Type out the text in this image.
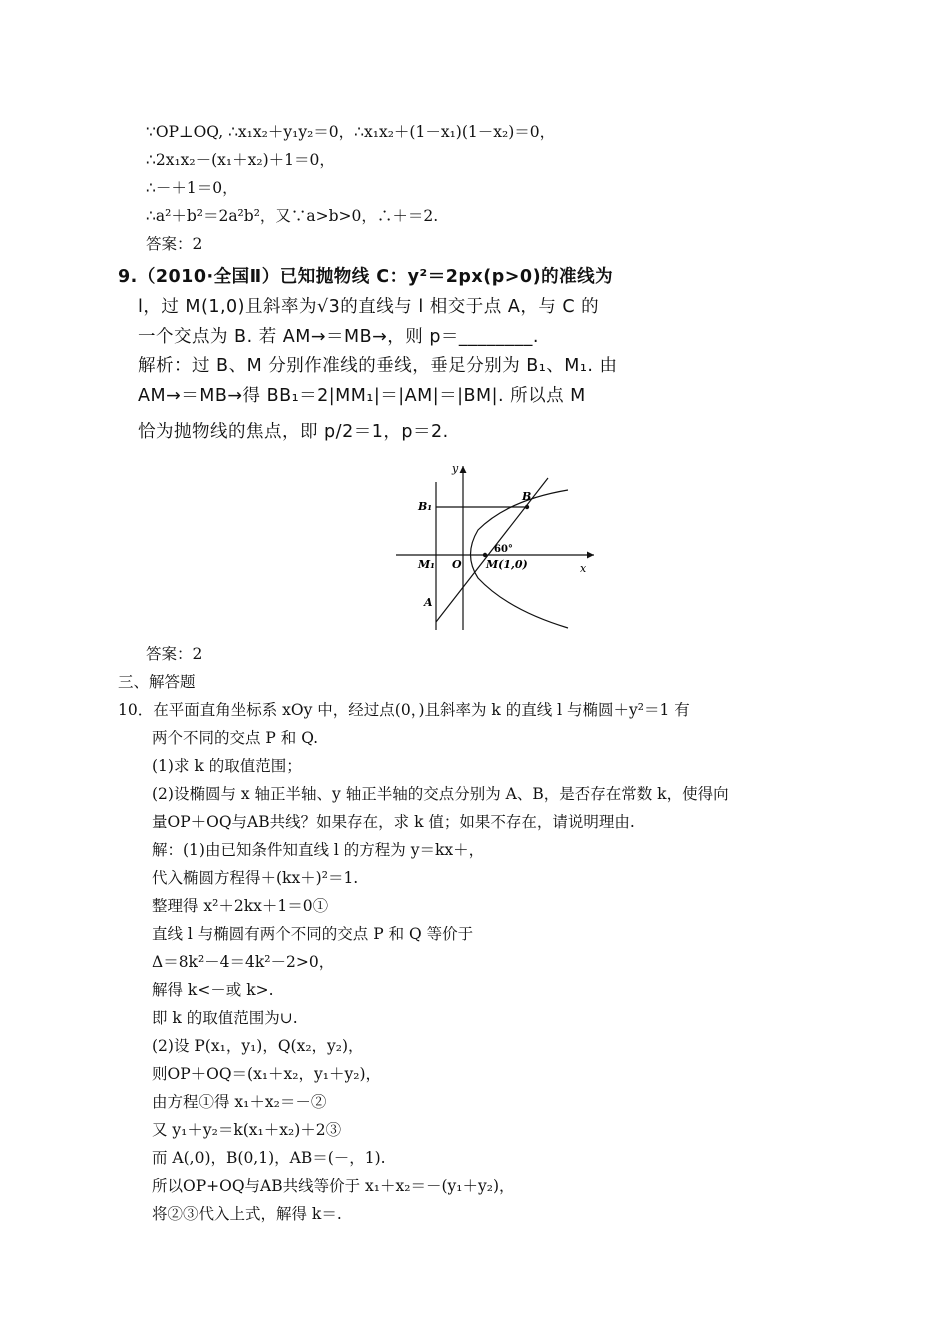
∵OP⊥OQ, ∴x₁x₂＋y₁y₂＝0，∴x₁x₂＋(1－x₁)(1－x₂)＝0，
∴2x₁x₂－(x₁＋x₂)＋1＝0，
∴－＋1＝0，
∴a²＋b²＝2a²b²，又∵a>b>0，∴＋＝2.
答案：2
9.（2010·全国Ⅱ）已知抛物线 C：y²＝2px(p>0)的准线为
l，过 M(1,0)且斜率为√3的直线与 l 相交于点 A，与 C 的
一个交点为 B. 若 AM→＝MB→，则 p＝________.
解析：过 B、M 分别作准线的垂线，垂足分别为 B₁、M₁. 由
AM→＝MB→得 BB₁＝2|MM₁|＝|AM|＝|BM|. 所以点 M
恰为抛物线的焦点，即 p/2＝1，p＝2.
y
x
B₁
B
60°
M₁ O M(1,0)
A
答案：2
三、解答题
10．在平面直角坐标系 xOy 中，经过点(0，)且斜率为 k 的直线 l 与椭圆＋y²＝1 有
两个不同的交点 P 和 Q.
(1)求 k 的取值范围；
(2)设椭圆与 x 轴正半轴、y 轴正半轴的交点分别为 A、B，是否存在常数 k，使得向
量OP＋OQ与AB共线？如果存在，求 k 值；如果不存在，请说明理由.
解：(1)由已知条件知直线 l 的方程为 y＝kx＋，
代入椭圆方程得＋(kx＋)²＝1.
整理得 x²＋2kx＋1＝0①
直线 l 与椭圆有两个不同的交点 P 和 Q 等价于
Δ＝8k²－4＝4k²－2>0，
解得 k<－或 k>.
即 k 的取值范围为∪.
(2)设 P(x₁，y₁)，Q(x₂，y₂)，
则OP＋OQ＝(x₁＋x₂，y₁＋y₂)，
由方程①得 x₁＋x₂＝－②
又 y₁＋y₂＝k(x₁＋x₂)＋2③
而 A(,0)，B(0,1)，AB＝(－，1).
所以OP+OQ与AB共线等价于 x₁＋x₂＝－(y₁＋y₂)，
将②③代入上式，解得 k＝.
